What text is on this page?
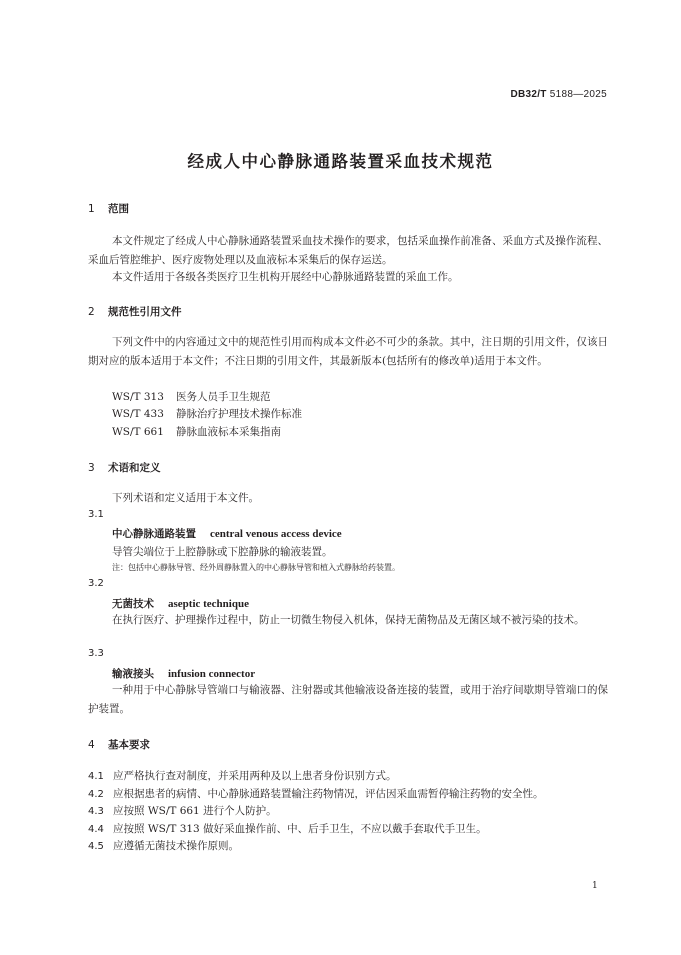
DB32/T 5188—2025
经成人中心静脉通路装置采血技术规范
1 范围
本文件规定了经成人中心静脉通路装置采血技术操作的要求，包括采血操作前准备、采血方式及操作流程、采血后管腔维护、医疗废物处理以及血液标本采集后的保存运送。
本文件适用于各级各类医疗卫生机构开展经中心静脉通路装置的采血工作。
2 规范性引用文件
下列文件中的内容通过文中的规范性引用而构成本文件必不可少的条款。其中，注日期的引用文件，仅该日期对应的版本适用于本文件；不注日期的引用文件，其最新版本(包括所有的修改单)适用于本文件。
WS/T 313 医务人员手卫生规范
WS/T 433 静脉治疗护理技术操作标准
WS/T 661 静脉血液标本采集指南
3 术语和定义
下列术语和定义适用于本文件。
3.1
中心静脉通路装置 central venous access device
导管尖端位于上腔静脉或下腔静脉的输液装置。
注：包括中心静脉导管、经外周静脉置入的中心静脉导管和植入式静脉给药装置。
3.2
无菌技术 aseptic technique
在执行医疗、护理操作过程中，防止一切微生物侵入机体，保持无菌物品及无菌区域不被污染的技术。
3.3
输液接头 infusion connector
一种用于中心静脉导管端口与输液器、注射器或其他输液设备连接的装置，或用于治疗间歇期导管端口的保护装置。
4 基本要求
4.1 应严格执行查对制度，并采用两种及以上患者身份识别方式。
4.2 应根据患者的病情、中心静脉通路装置输注药物情况，评估因采血需暂停输注药物的安全性。
4.3 应按照 WS/T 661 进行个人防护。
4.4 应按照 WS/T 313 做好采血操作前、中、后手卫生，不应以戴手套取代手卫生。
4.5 应遵循无菌技术操作原则。
1
